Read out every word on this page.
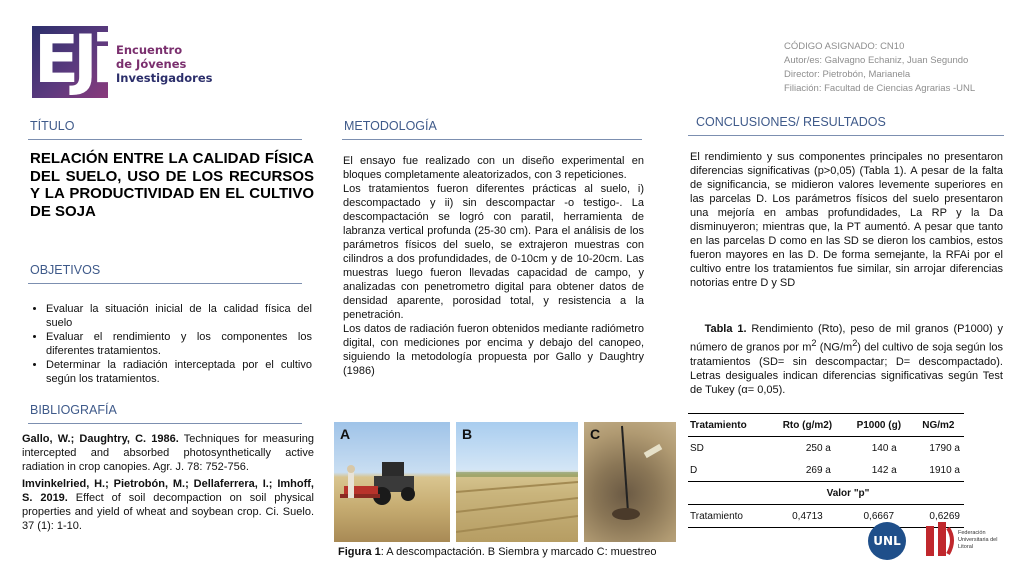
EJi Encuentro
de Jóvenes
Investigadores
CÓDIGO ASIGNADO: CN10
Autor/es: Galvagno Echaniz, Juan Segundo
Director: Pietrobón, Marianela
Filiación: Facultad de Ciencias Agrarias -UNL
TÍTULO
RELACIÓN ENTRE LA CALIDAD FÍSICA DEL SUELO, USO DE LOS RECURSOS Y LA PRODUCTIVIDAD EN EL CULTIVO DE SOJA
OBJETIVOS
• Evaluar la situación inicial de la calidad física del suelo
• Evaluar el rendimiento y los componentes los diferentes tratamientos.
• Determinar la radiación interceptada por el cultivo según los tratamientos.
BIBLIOGRAFÍA

Gallo, W.; Daughtry, C. 1986. Techniques for measuring intercepted and absorbed photosynthetically active radiation in crop canopies. Agr. J. 78: 752-756.

Imvinkelried, H.; Pietrobón, M.; Dellaferrera, I.; Imhoff, S. 2019. Effect of soil decompaction on soil physical properties and yield of wheat and soybean crop. Ci. Suelo. 37 (1): 1-10.

METODOLOGÍA
El ensayo fue realizado con un diseño experimental en bloques completamente aleatorizados, con 3 repeticiones.
Los tratamientos fueron diferentes prácticas al suelo, i) descompactado y ii) sin descompactar -o testigo-. La descompactación se logró con paratil, herramienta de labranza vertical profunda (25-30 cm). Para el análisis de los parámetros físicos del suelo, se extrajeron muestras con cilindros a dos profundidades, de 0-10cm y de 10-20cm. Las muestras luego fueron llevadas capacidad de campo, y analizadas con penetrometro digital para obtener datos de densidad aparente, porosidad total, y resistencia a la penetración.
Los datos de radiación fueron obtenidos mediante radiómetro digital, con mediciones por encima y debajo del canopeo, siguiendo la metodología propuesta por Gallo y Daughtry (1986)
A	B	C
Figura 1: A descompactación. B Siembra y marcado C: muestreo
CONCLUSIONES/ RESULTADOS
El rendimiento y sus componentes principales no presentaron diferencias significativas (p>0,05) (Tabla 1). A pesar de la falta de significancia, se midieron valores levemente superiores en las parcelas D. Los parámetros físicos del suelo presentaron una mejoría en ambas profundidades, La RP y la Da disminuyeron; mientras que, la PT aumentó. A pesar que tanto en las parcelas D como en las SD se dieron los cambios, estos fueron mayores en las D. De forma semejante, la RFAi por el cultivo entre los tratamientos fue similar, sin arrojar diferencias notorias entre D y SD
Tabla 1. Rendimiento (Rto), peso de mil granos (P1000) y número de granos por $m^2$ $(NG/m^2)$ del cultivo de soja según los tratamientos (SD= sin descompactar; D= descompactado). Letras desiguales indican diferencias significativas según Test de Tukey (α= 0,05).
Tratamiento	Rto (g/m2)	P1000 (g)	NG/m2
SD	250 a	140 a	1790 a
D	269 a	142 a	1910 a
	Valor "p"		
Tratamiento	0,4713	0,6667	0,6269
UNL
Federación Universitaria del Litoral
